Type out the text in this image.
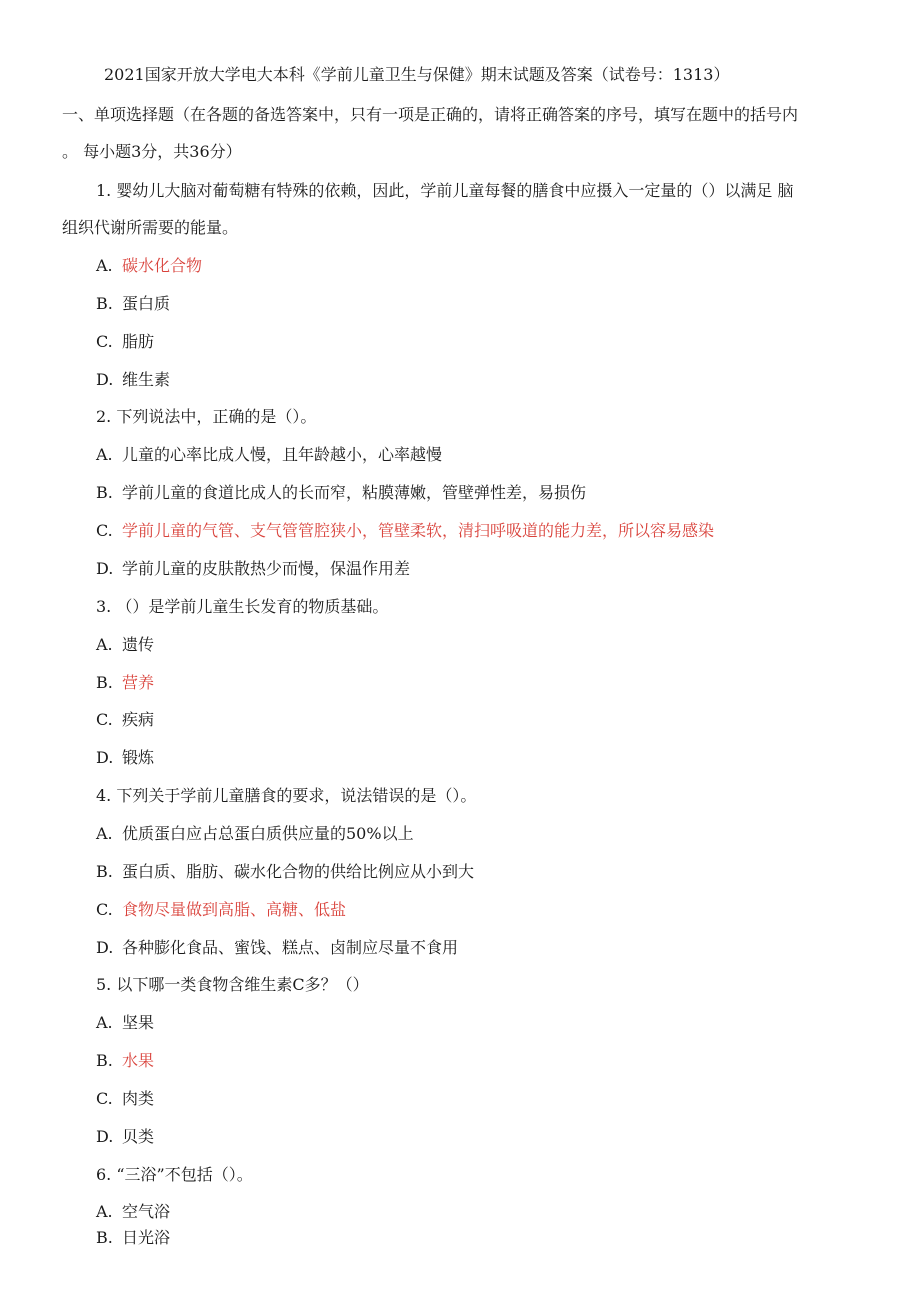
2021国家开放大学电大本科《学前儿童卫生与保健》期末试题及答案（试卷号：1313）
一、单项选择题（在各题的备选答案中，只有一项是正确的，请将正确答案的序号，填写在题中的括号内
。 每小题3分，共36分）
1. 婴幼儿大脑对葡萄糖有特殊的依赖，因此，学前儿童每餐的膳食中应摄入一定量的（）以满足 脑
组织代谢所需要的能量。
A. 碳水化合物
B. 蛋白质
C. 脂肪
D. 维生素
2. 下列说法中，正确的是（）。
A. 儿童的心率比成人慢，且年龄越小，心率越慢
B. 学前儿童的食道比成人的长而窄，粘膜薄嫩，管壁弹性差，易损伤
C. 学前儿童的气管、支气管管腔狭小，管壁柔软，清扫呼吸道的能力差，所以容易感染
D. 学前儿童的皮肤散热少而慢，保温作用差
3. （）是学前儿童生长发育的物质基础。
A. 遗传
B. 营养
C. 疾病
D. 锻炼
4. 下列关于学前儿童膳食的要求，说法错误的是（）。
A. 优质蛋白应占总蛋白质供应量的50%以上
B. 蛋白质、脂肪、碳水化合物的供给比例应从小到大
C. 食物尽量做到高脂、高糖、低盐
D. 各种膨化食品、蜜饯、糕点、卤制应尽量不食用
5. 以下哪一类食物含维生素C多？（）
A. 坚果
B. 水果
C. 肉类
D. 贝类
6. “三浴”不包括（）。
A. 空气浴
B. 日光浴
